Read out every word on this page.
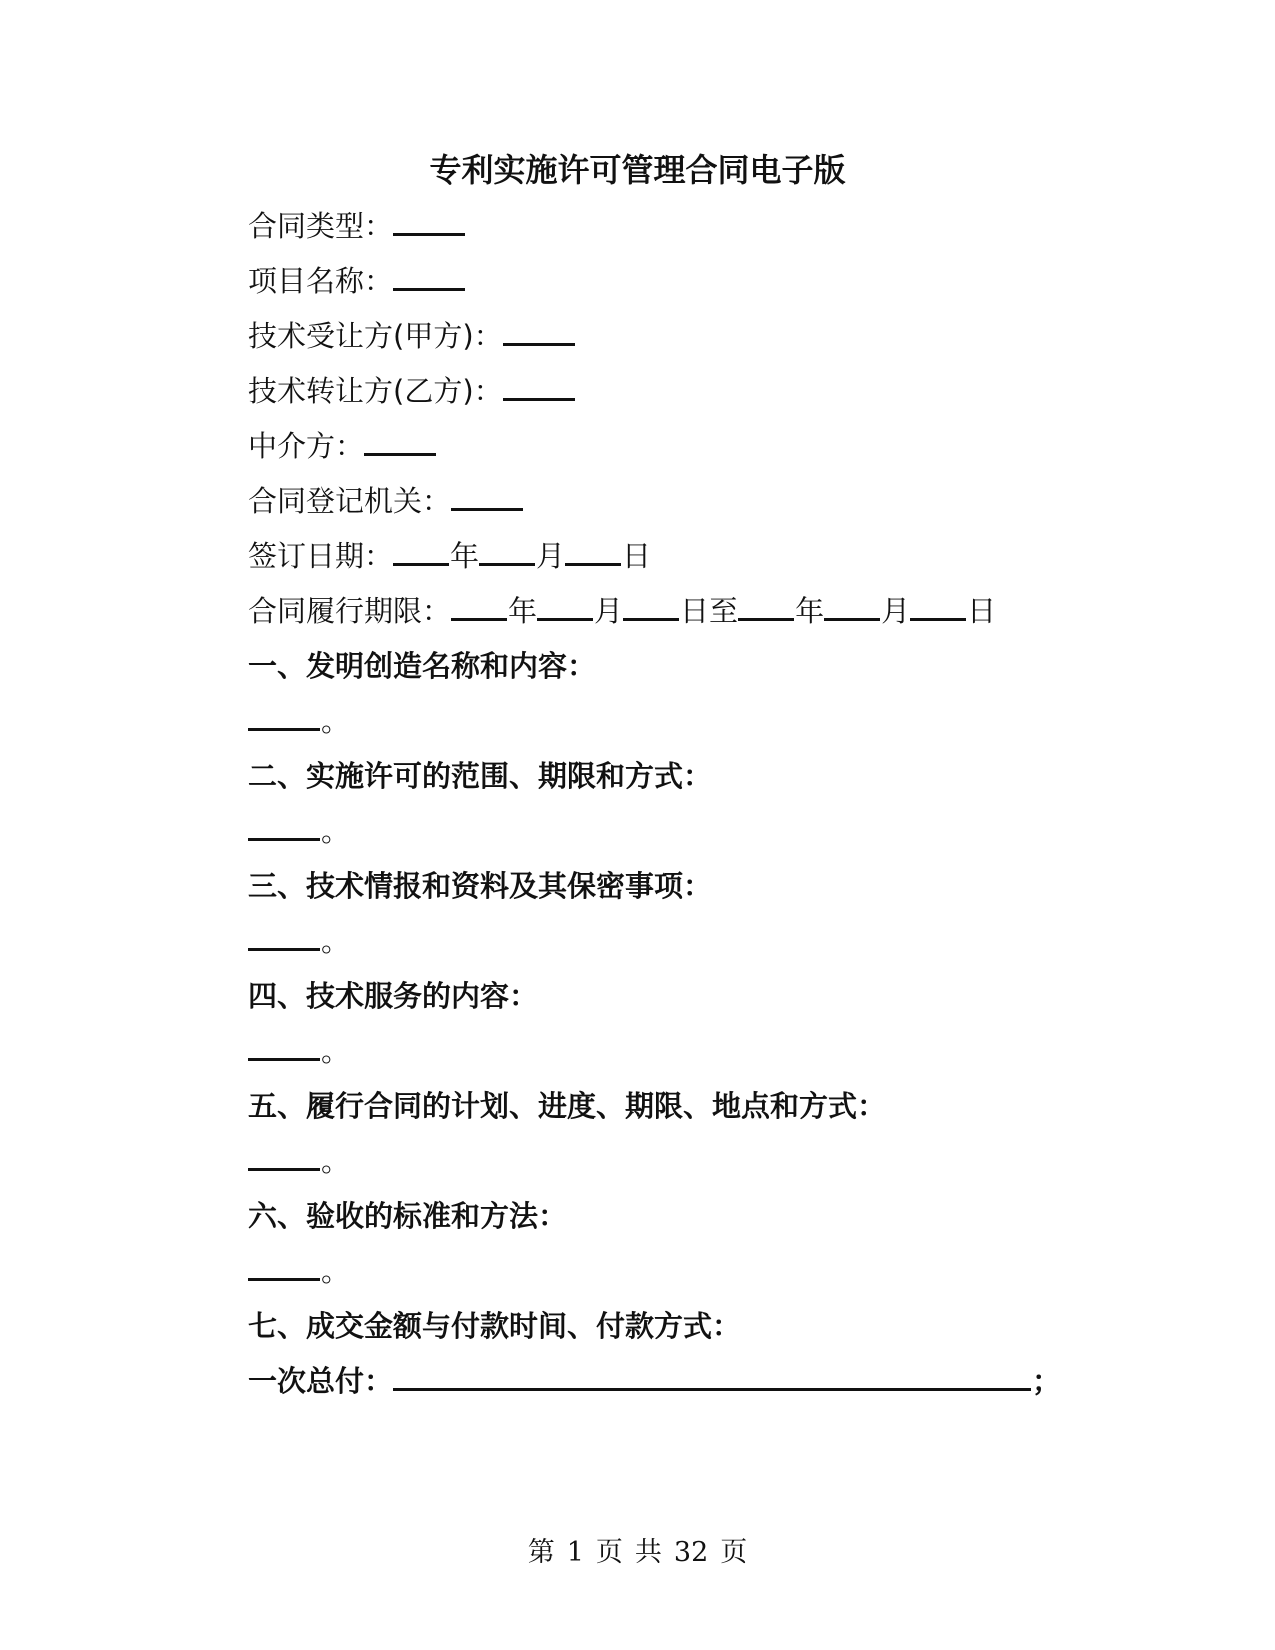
专利实施许可管理合同电子版
合同类型：
项目名称：
技术受让方(甲方)：
技术转让方(乙方)：
中介方：
合同登记机关：
签订日期： 年 月 日
合同履行期限： 年 月 日至 年 月 日
一、发明创造名称和内容：
。
二、实施许可的范围、期限和方式：
。
三、技术情报和资料及其保密事项：
。
四、技术服务的内容：
。
五、履行合同的计划、进度、期限、地点和方式：
。
六、验收的标准和方法：
。
七、成交金额与付款时间、付款方式：
一次总付：	；
第 1 页 共 32 页
